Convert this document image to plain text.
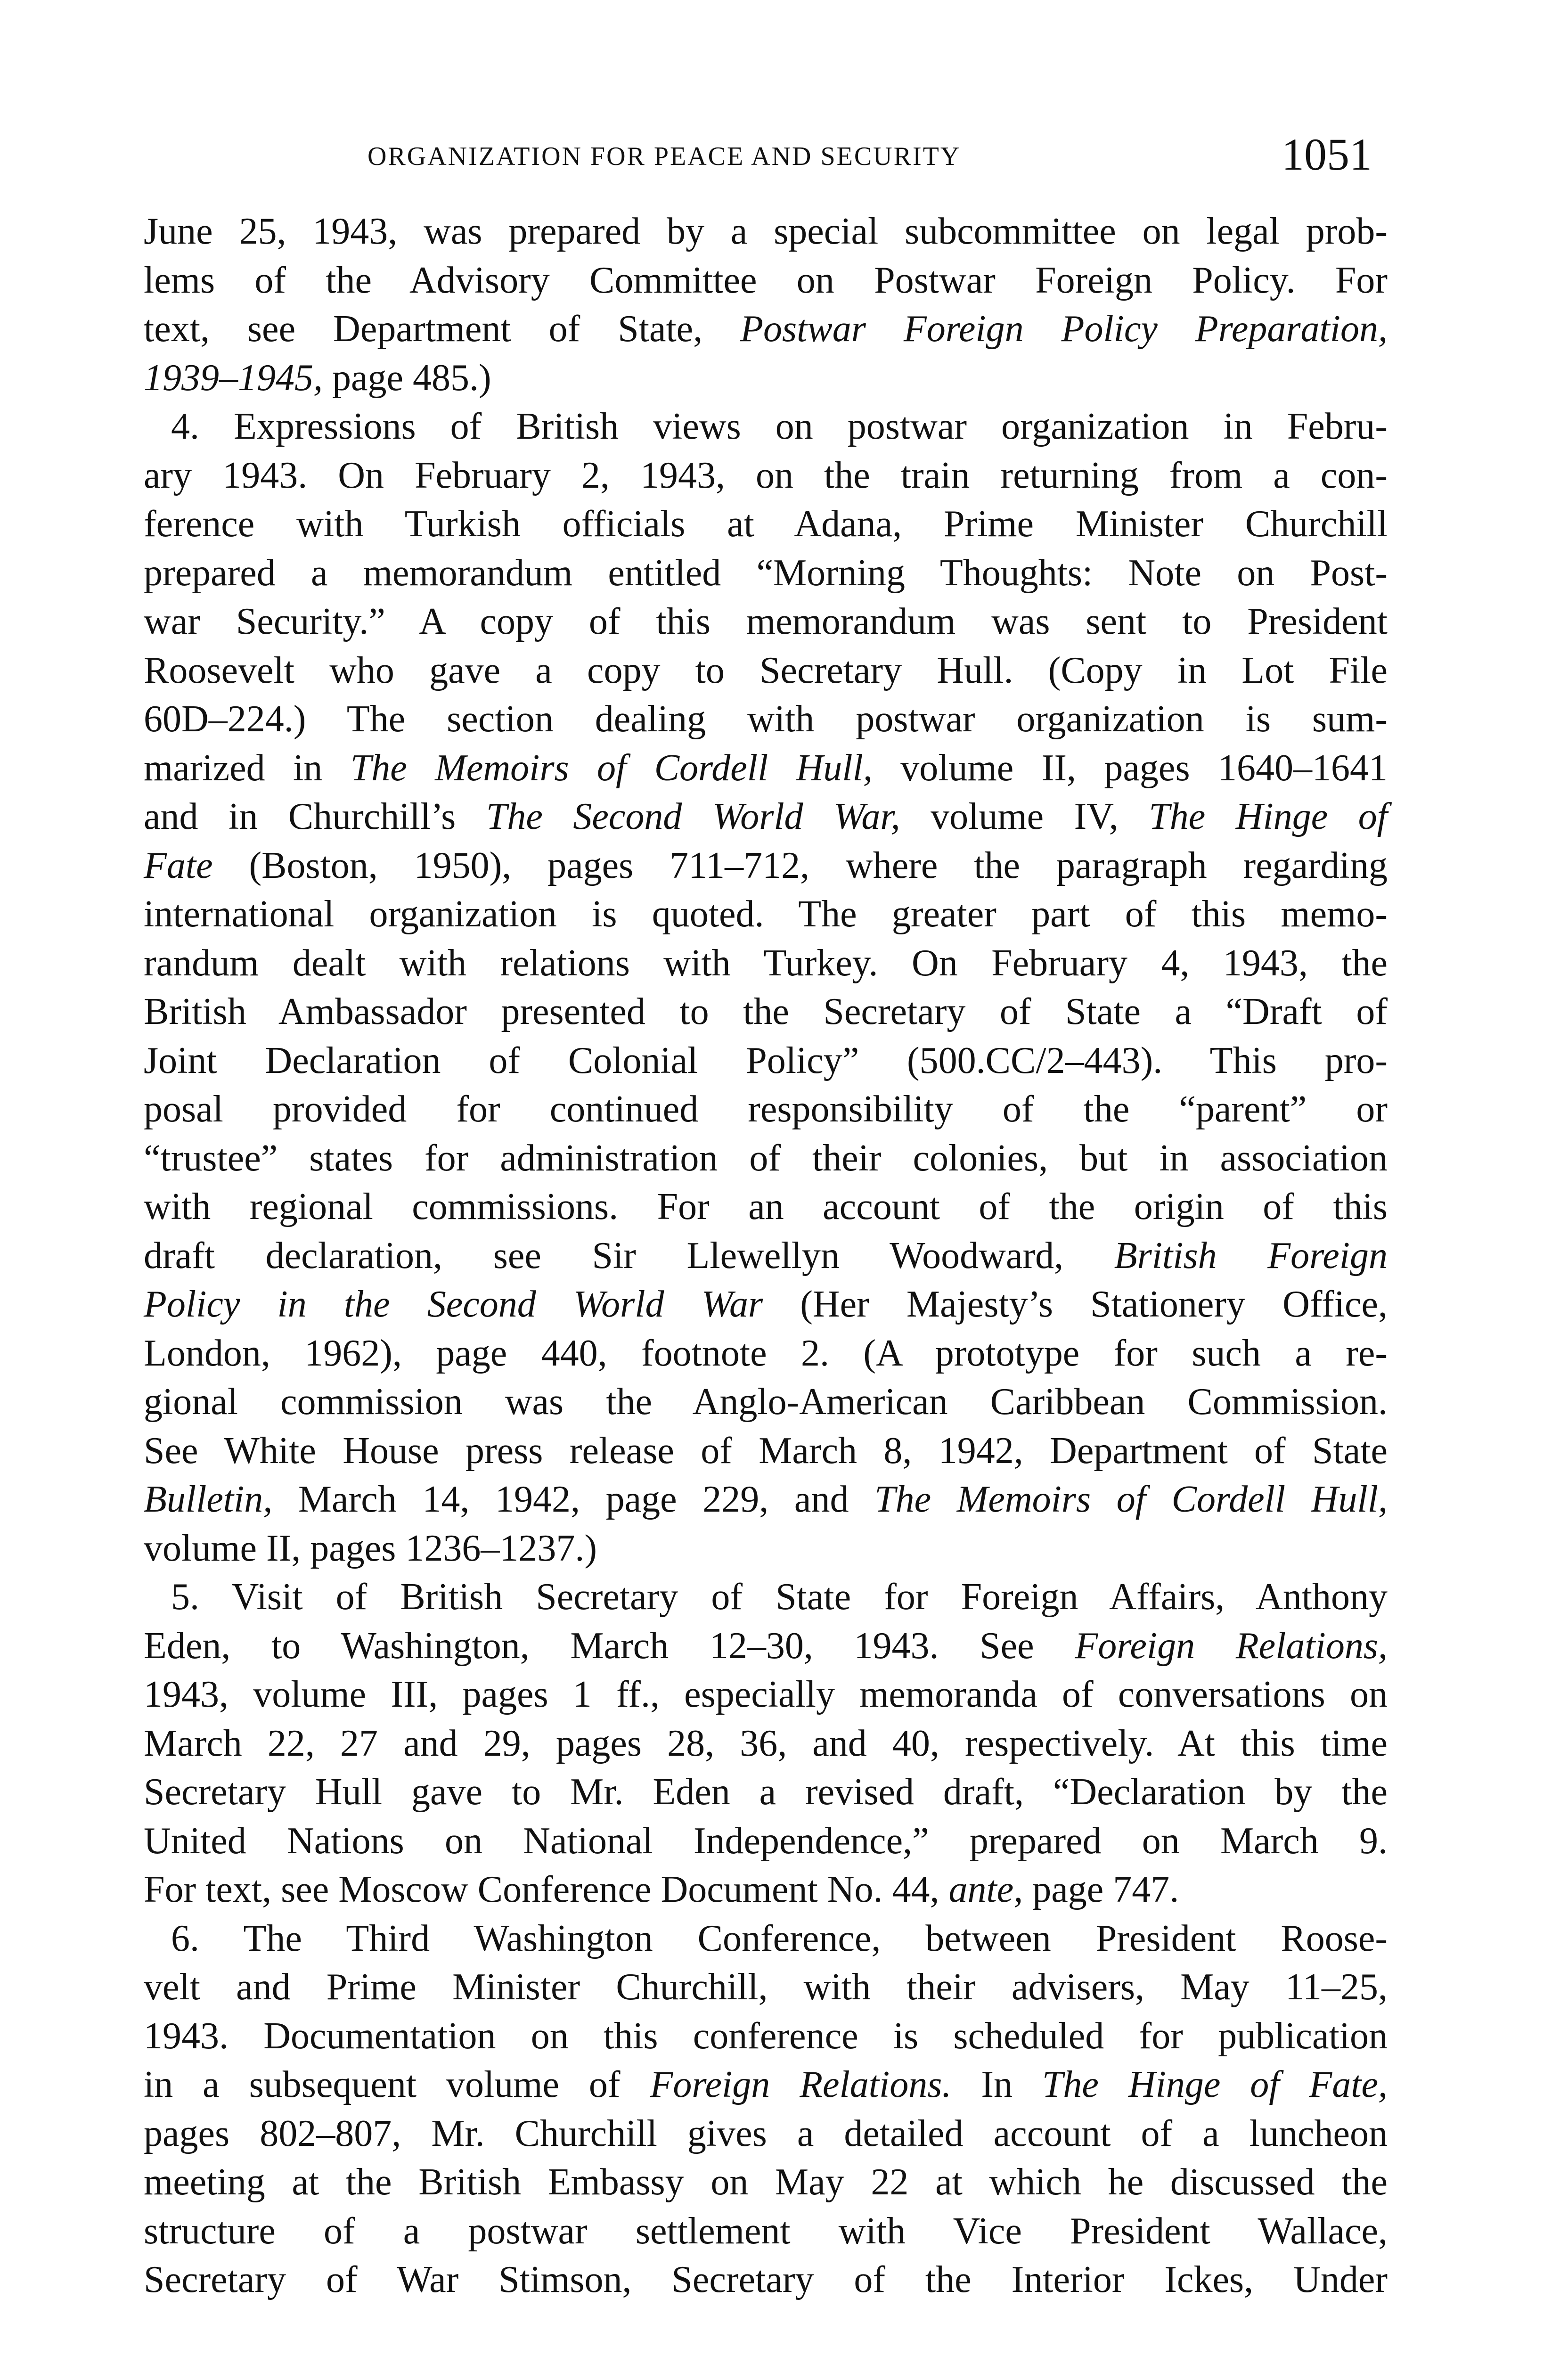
ORGANIZATION FOR PEACE AND SECURITY	1051
June 25, 1943, was prepared by a special subcommittee on legal prob-
lems of the Advisory Committee on Postwar Foreign Policy. For
text, see Department of State, Postwar Foreign Policy Preparation,
1939–1945, page 485.)
4. Expressions of British views on postwar organization in Febru-
ary 1943. On February 2, 1943, on the train returning from a con-
ference with Turkish officials at Adana, Prime Minister Churchill
prepared a memorandum entitled “Morning Thoughts: Note on Post-
war Security.” A copy of this memorandum was sent to President
Roosevelt who gave a copy to Secretary Hull. (Copy in Lot File
60D–224.) The section dealing with postwar organization is sum-
marized in The Memoirs of Cordell Hull, volume II, pages 1640–1641
and in Churchill’s The Second World War, volume IV, The Hinge of
Fate (Boston, 1950), pages 711–712, where the paragraph regarding
international organization is quoted. The greater part of this memo-
randum dealt with relations with Turkey. On February 4, 1943, the
British Ambassador presented to the Secretary of State a “Draft of
Joint Declaration of Colonial Policy” (500.CC/2–443). This pro-
posal provided for continued responsibility of the “parent” or
“trustee” states for administration of their colonies, but in association
with regional commissions. For an account of the origin of this
draft declaration, see Sir Llewellyn Woodward, British Foreign
Policy in the Second World War (Her Majesty’s Stationery Office,
London, 1962), page 440, footnote 2. (A prototype for such a re-
gional commission was the Anglo-American Caribbean Commission.
See White House press release of March 8, 1942, Department of State
Bulletin, March 14, 1942, page 229, and The Memoirs of Cordell Hull,
volume II, pages 1236–1237.)
5. Visit of British Secretary of State for Foreign Affairs, Anthony
Eden, to Washington, March 12–30, 1943. See Foreign Relations,
1943, volume III, pages 1 ff., especially memoranda of conversations on
March 22, 27 and 29, pages 28, 36, and 40, respectively. At this time
Secretary Hull gave to Mr. Eden a revised draft, “Declaration by the
United Nations on National Independence,” prepared on March 9.
For text, see Moscow Conference Document No. 44, ante, page 747.
6. The Third Washington Conference, between President Roose-
velt and Prime Minister Churchill, with their advisers, May 11–25,
1943. Documentation on this conference is scheduled for publication
in a subsequent volume of Foreign Relations. In The Hinge of Fate,
pages 802–807, Mr. Churchill gives a detailed account of a luncheon
meeting at the British Embassy on May 22 at which he discussed the
structure of a postwar settlement with Vice President Wallace,
Secretary of War Stimson, Secretary of the Interior Ickes, Under
